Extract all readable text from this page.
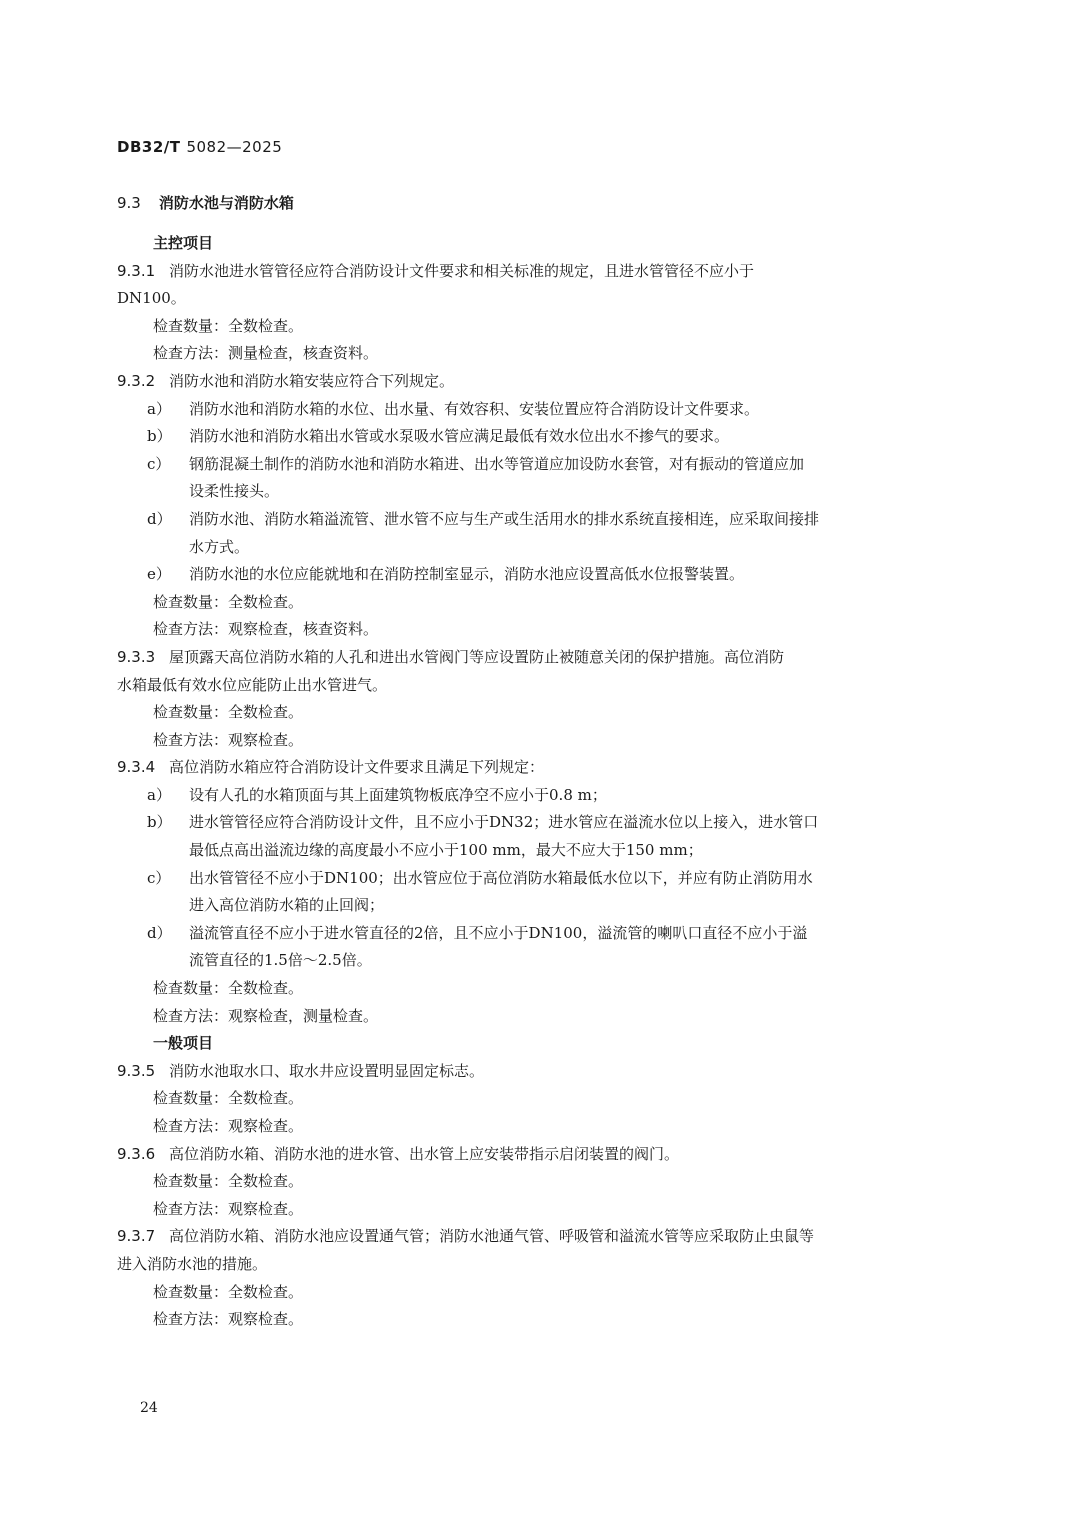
DB32/T 5082—2025
9.3 消防水池与消防水箱
主控项目
9.3.1 消防水池进水管管径应符合消防设计文件要求和相关标准的规定，且进水管管径不应小于
DN100。
检查数量：全数检查。
检查方法：测量检查，核查资料。
9.3.2 消防水池和消防水箱安装应符合下列规定。
a）	消防水池和消防水箱的水位、出水量、有效容积、安装位置应符合消防设计文件要求。
b）	消防水池和消防水箱出水管或水泵吸水管应满足最低有效水位出水不掺气的要求。
c）	钢筋混凝土制作的消防水池和消防水箱进、出水等管道应加设防水套管，对有振动的管道应加
设柔性接头。
d）	消防水池、消防水箱溢流管、泄水管不应与生产或生活用水的排水系统直接相连，应采取间接排
水方式。
e）	消防水池的水位应能就地和在消防控制室显示，消防水池应设置高低水位报警装置。
检查数量：全数检查。
检查方法：观察检查，核查资料。
9.3.3 屋顶露天高位消防水箱的人孔和进出水管阀门等应设置防止被随意关闭的保护措施。高位消防
水箱最低有效水位应能防止出水管进气。
检查数量：全数检查。
检查方法：观察检查。
9.3.4 高位消防水箱应符合消防设计文件要求且满足下列规定：
a）	设有人孔的水箱顶面与其上面建筑物板底净空不应小于0.8 m；
b）	进水管管径应符合消防设计文件，且不应小于DN32；进水管应在溢流水位以上接入，进水管口
最低点高出溢流边缘的高度最小不应小于100 mm，最大不应大于150 mm；
c）	出水管管径不应小于DN100；出水管应位于高位消防水箱最低水位以下，并应有防止消防用水
进入高位消防水箱的止回阀；
d）	溢流管直径不应小于进水管直径的2倍，且不应小于DN100，溢流管的喇叭口直径不应小于溢
流管直径的1.5倍～2.5倍。
检查数量：全数检查。
检查方法：观察检查，测量检查。
一般项目
9.3.5 消防水池取水口、取水井应设置明显固定标志。
检查数量：全数检查。
检查方法：观察检查。
9.3.6 高位消防水箱、消防水池的进水管、出水管上应安装带指示启闭装置的阀门。
检查数量：全数检查。
检查方法：观察检查。
9.3.7 高位消防水箱、消防水池应设置通气管；消防水池通气管、呼吸管和溢流水管等应采取防止虫鼠等
进入消防水池的措施。
检查数量：全数检查。
检查方法：观察检查。
24
